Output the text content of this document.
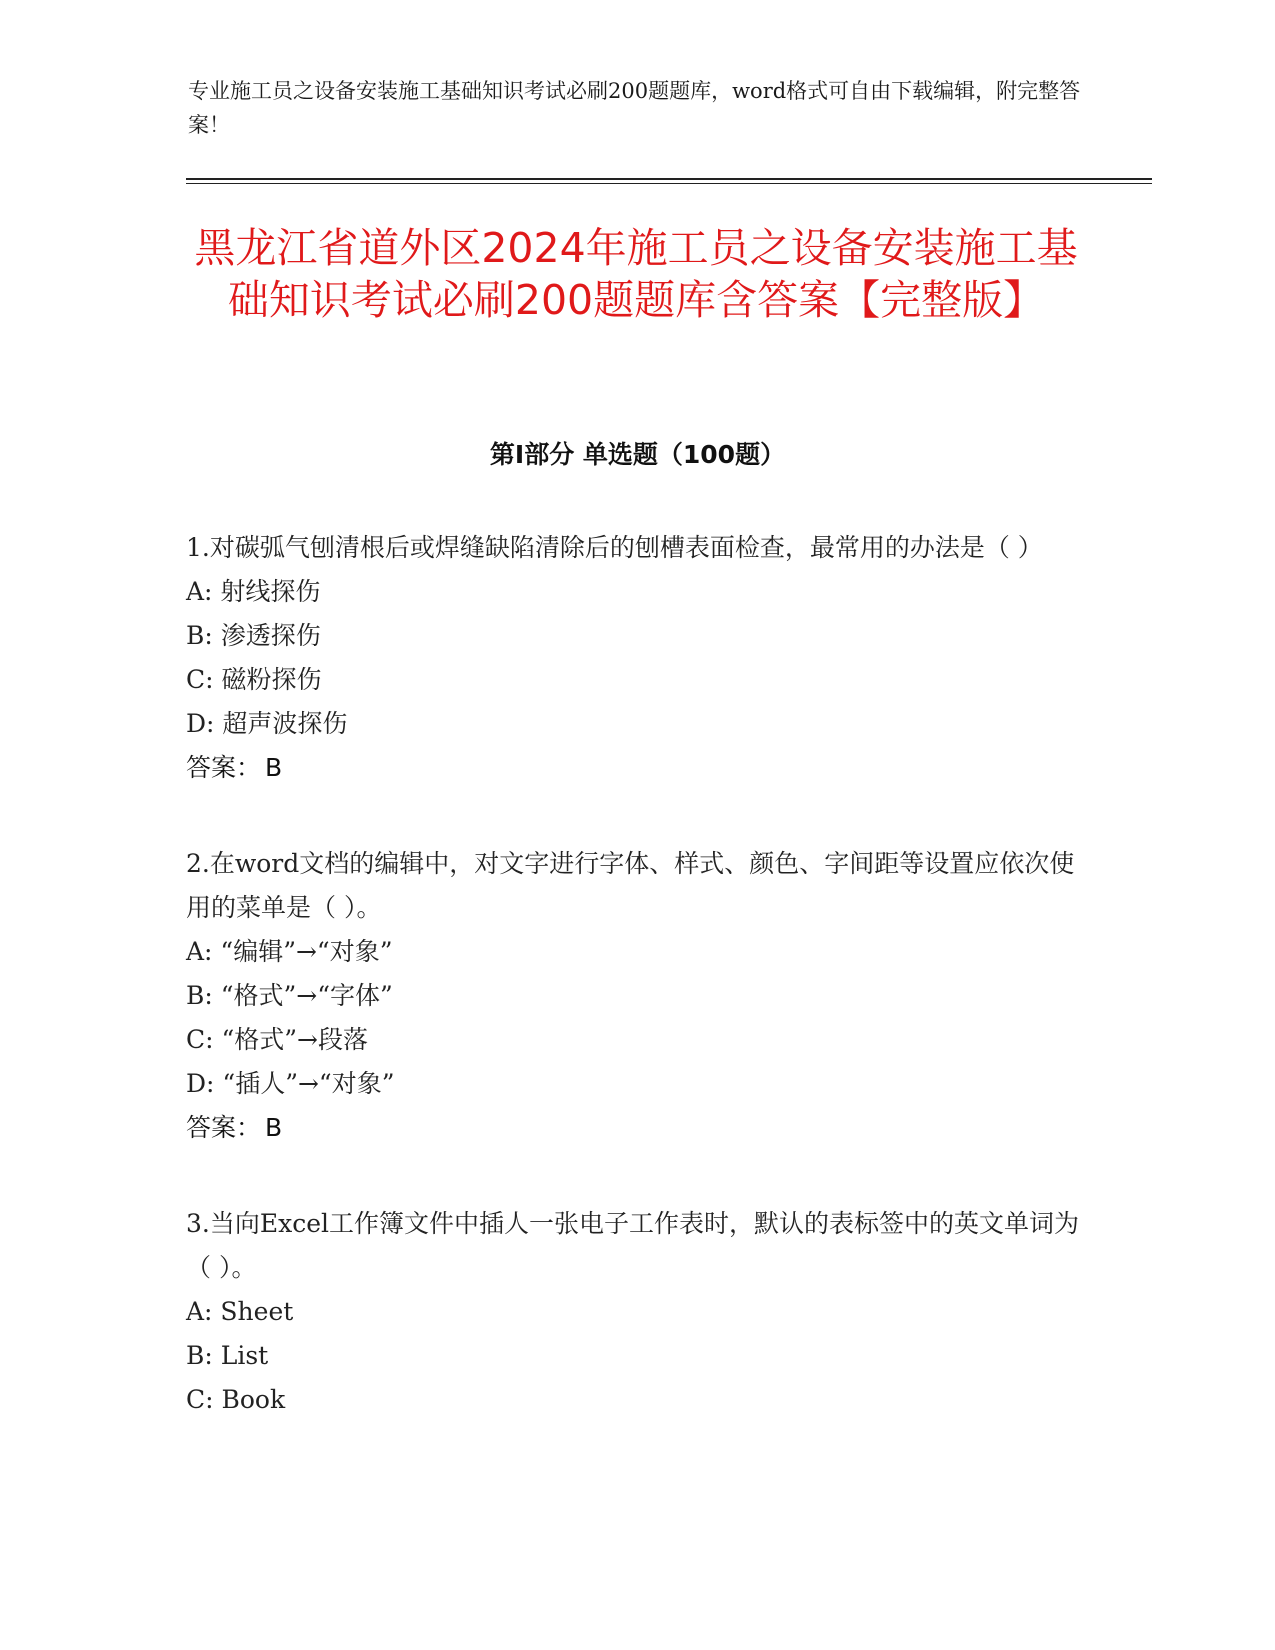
专业施工员之设备安装施工基础知识考试必刷200题题库，word格式可自由下载编辑，附完整答案！
黑龙江省道外区2024年施工员之设备安装施工基础知识考试必刷200题题库含答案【完整版】
第I部分 单选题（100题）

1.对碳弧气刨清根后或焊缝缺陷清除后的刨槽表面检查，最常用的办法是（ ）

A: 射线探伤

B: 渗透探伤

C: 磁粉探伤

D: 超声波探伤

答案： B

2.在word文档的编辑中，对文字进行字体、样式、颜色、字间距等设置应依次使用的菜单是（ ）。

A: “编辑”→“对象”

B: “格式”→“字体”

C: “格式”→段落

D: “插人”→“对象”

答案： B

3.当向Excel工作簿文件中插人一张电子工作表时，默认的表标签中的英文单词为（ ）。

A: Sheet

B: List

C: Book
